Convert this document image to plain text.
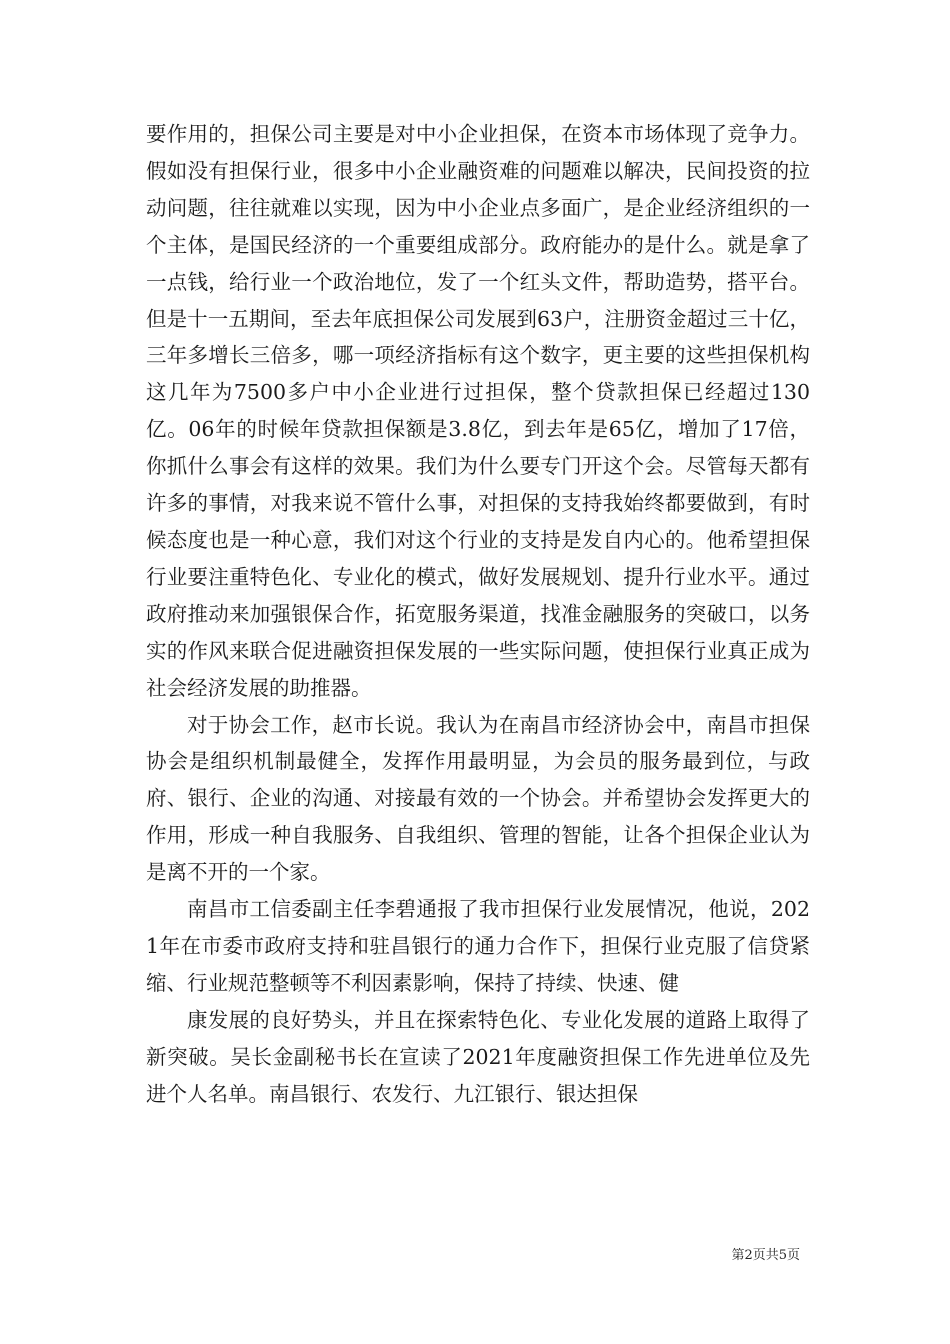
要作用的，担保公司主要是对中小企业担保，在资本市场体现了竞争力。假如没有担保行业，很多中小企业融资难的问题难以解决，民间投资的拉动问题，往往就难以实现，因为中小企业点多面广，是企业经济组织的一个主体，是国民经济的一个重要组成部分。政府能办的是什么。就是拿了一点钱，给行业一个政治地位，发了一个红头文件，帮助造势，搭平台。但是十一五期间，至去年底担保公司发展到63户，注册资金超过三十亿，三年多增长三倍多，哪一项经济指标有这个数字，更主要的这些担保机构这几年为7500多户中小企业进行过担保，整个贷款担保已经超过130亿。06年的时候年贷款担保额是3.8亿，到去年是65亿，增加了17倍，你抓什么事会有这样的效果。我们为什么要专门开这个会。尽管每天都有许多的事情，对我来说不管什么事，对担保的支持我始终都要做到，有时候态度也是一种心意，我们对这个行业的支持是发自内心的。他希望担保行业要注重特色化、专业化的模式，做好发展规划、提升行业水平。通过政府推动来加强银保合作，拓宽服务渠道，找准金融服务的突破口，以务实的作风来联合促进融资担保发展的一些实际问题，使担保行业真正成为社会经济发展的助推器。

对于协会工作，赵市长说。我认为在南昌市经济协会中，南昌市担保协会是组织机制最健全，发挥作用最明显，为会员的服务最到位，与政府、银行、企业的沟通、对接最有效的一个协会。并希望协会发挥更大的作用，形成一种自我服务、自我组织、管理的智能，让各个担保企业认为是离不开的一个家。

南昌市工信委副主任李碧通报了我市担保行业发展情况，他说，2021年在市委市政府支持和驻昌银行的通力合作下，担保行业克服了信贷紧缩、行业规范整顿等不利因素影响，保持了持续、快速、健

康发展的良好势头，并且在探索特色化、专业化发展的道路上取得了新突破。吴长金副秘书长在宣读了2021年度融资担保工作先进单位及先进个人名单。南昌银行、农发行、九江银行、银达担保

第2页共5页
